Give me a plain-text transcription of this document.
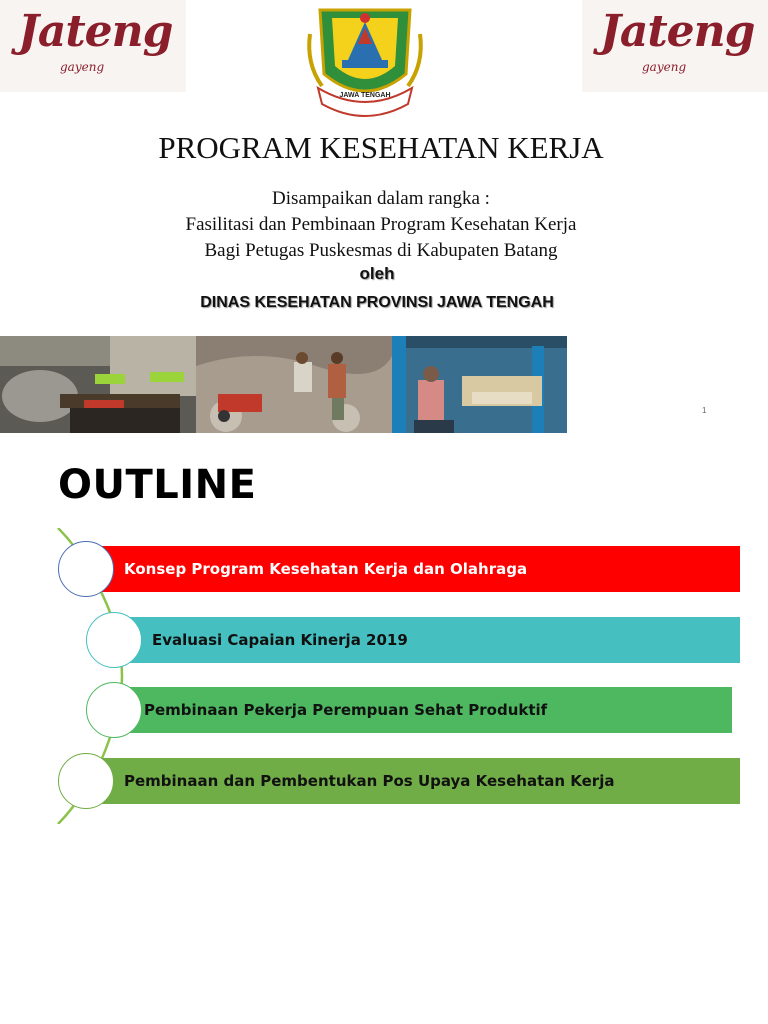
Jateng
gayeng
JAWA TENGAH
Jateng
gayeng
PROGRAM KESEHATAN KERJA
Disampaikan dalam rangka :
Fasilitasi dan Pembinaan Program Kesehatan Kerja
Bagi Petugas Puskesmas di Kabupaten Batang
oleh
DINAS KESEHATAN PROVINSI JAWA TENGAH
1
OUTLINE
Konsep Program Kesehatan Kerja dan Olahraga
Evaluasi Capaian Kinerja 2019
Pembinaan Pekerja Perempuan Sehat Produktif
Pembinaan dan Pembentukan Pos Upaya Kesehatan Kerja
